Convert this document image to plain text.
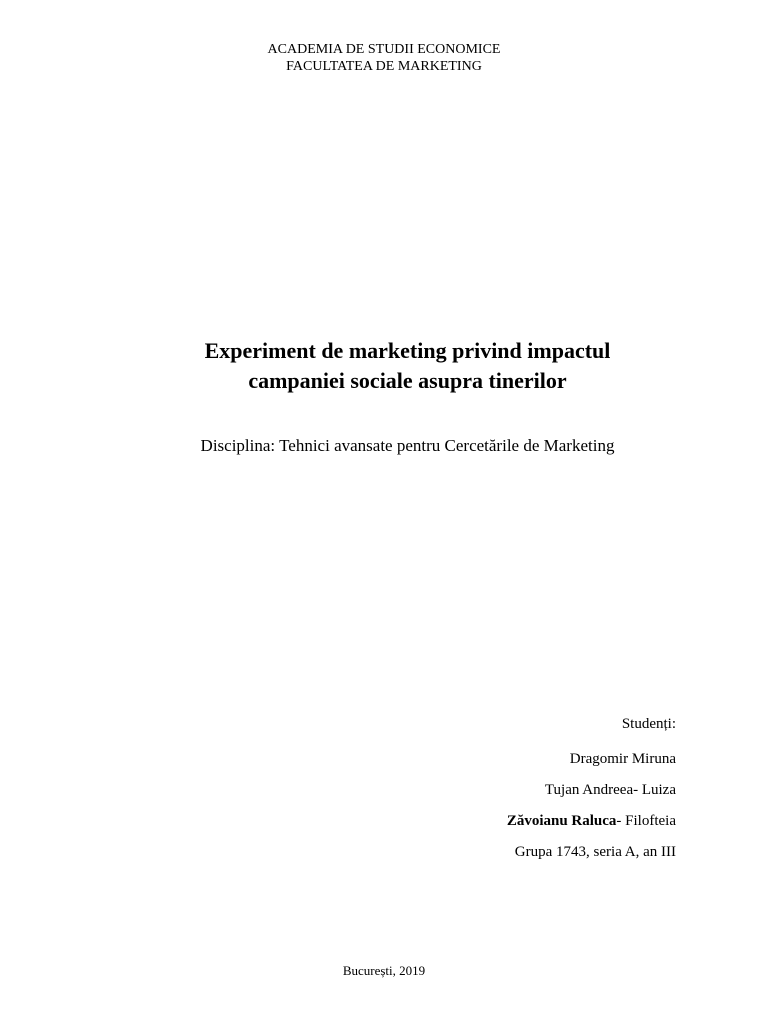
ACADEMIA DE STUDII ECONOMICE
FACULTATEA DE MARKETING
Experiment de marketing privind impactul
campaniei sociale asupra tinerilor
Disciplina: Tehnici avansate pentru Cercetările de Marketing
Studenți:
Dragomir Miruna
Tujan Andreea- Luiza
Zăvoianu Raluca- Filofteia
Grupa 1743, seria A, an III
București, 2019
